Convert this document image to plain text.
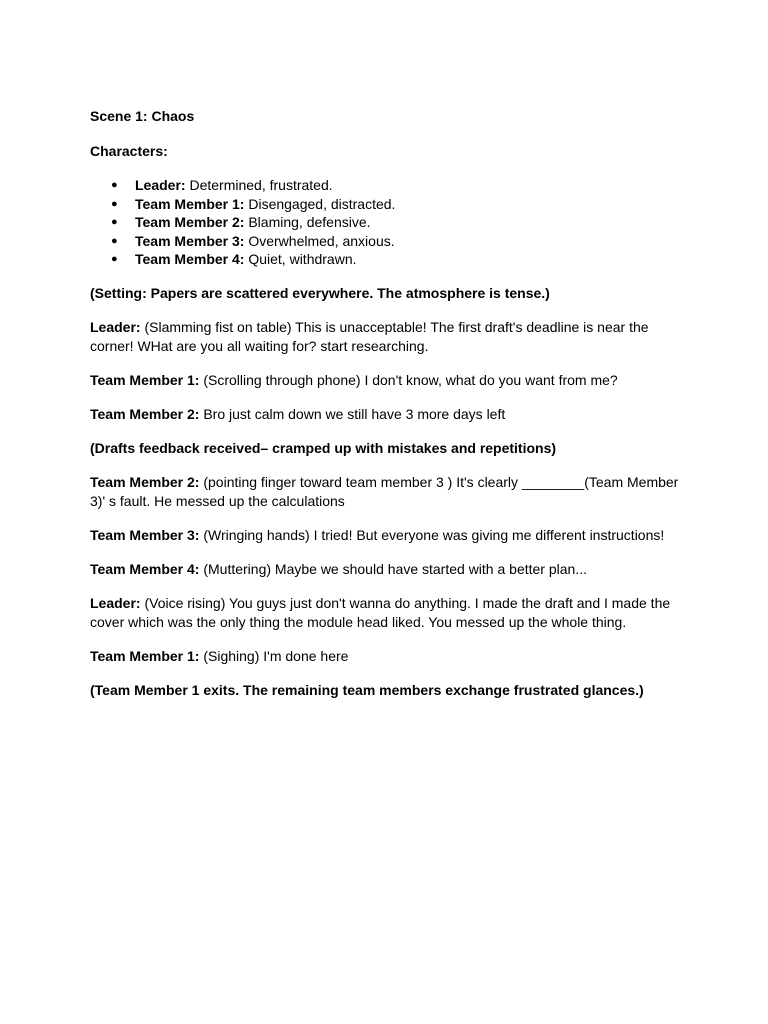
Scene 1: Chaos

Characters:

● Leader: Determined, frustrated.
● Team Member 1: Disengaged, distracted.
● Team Member 2: Blaming, defensive.
● Team Member 3: Overwhelmed, anxious.
● Team Member 4: Quiet, withdrawn.

(Setting: Papers are scattered everywhere. The atmosphere is tense.)

Leader: (Slamming fist on table) This is unacceptable! The first draft's deadline is near the corner! WHat are you all waiting for? start researching.

Team Member 1: (Scrolling through phone) I don't know, what do you want from me?

Team Member 2: Bro just calm down we still have 3 more days left

(Drafts feedback received– cramped up with mistakes and repetitions)

Team Member 2: (pointing finger toward team member 3 ) It's clearly ________(Team Member 3)' s fault. He messed up the calculations

Team Member 3: (Wringing hands) I tried! But everyone was giving me different instructions!

Team Member 4: (Muttering) Maybe we should have started with a better plan...

Leader: (Voice rising) You guys just don't wanna do anything. I made the draft and I made the cover which was the only thing the module head liked. You messed up the whole thing.

Team Member 1: (Sighing) I'm done here

(Team Member 1 exits. The remaining team members exchange frustrated glances.)
